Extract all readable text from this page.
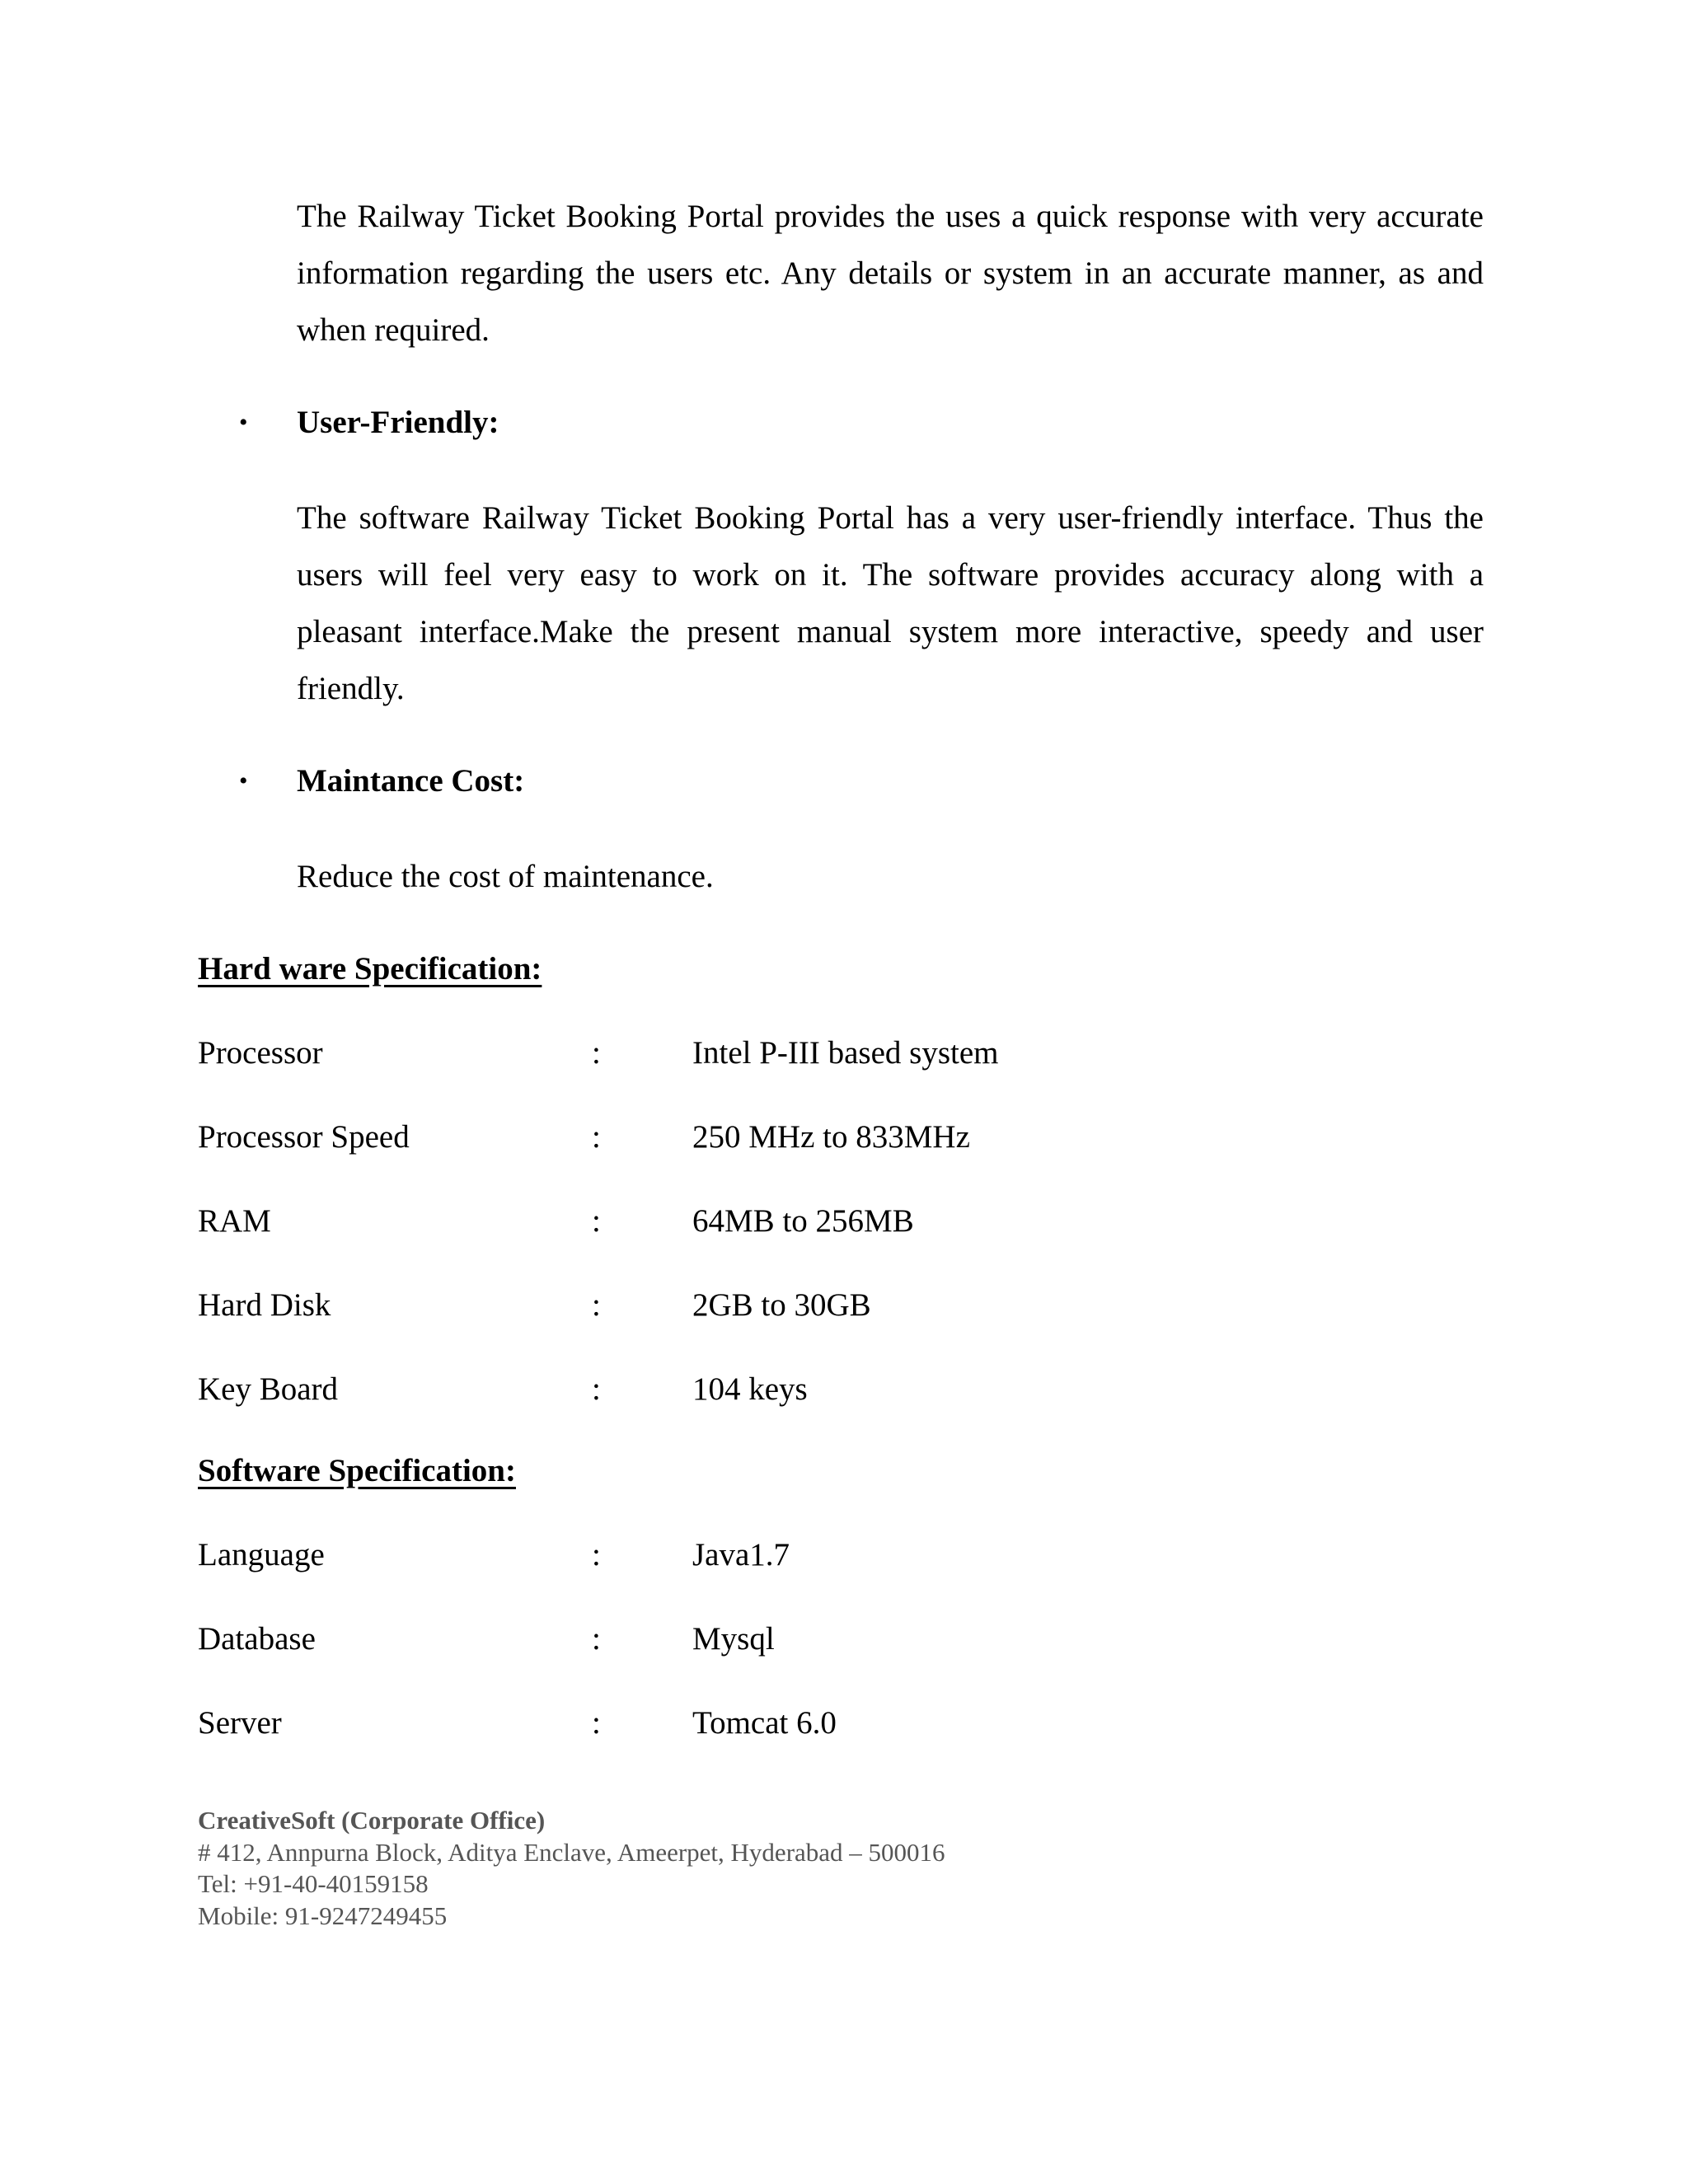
The Railway Ticket Booking Portal provides the uses a quick response with very accurate information regarding the users etc. Any details or system in an accurate manner, as and when required.

•	User-Friendly:

The software Railway Ticket Booking Portal has a very user-friendly interface. Thus the users will feel very easy to work on it. The software provides accuracy along with a pleasant interface.Make the present manual system more interactive, speedy and user friendly.

•	Maintance Cost:

Reduce the cost of maintenance.

Hard ware Specification:
Processor	:	Intel P-III based system
Processor Speed	:	250 MHz to 833MHz
RAM	:	64MB to 256MB
Hard Disk	:	2GB to 30GB
Key Board	:	104 keys
Software Specification:
Language	:	Java1.7
Database	:	Mysql
Server	:	Tomcat 6.0
CreativeSoft (Corporate Office)
# 412, Annpurna Block, Aditya Enclave, Ameerpet, Hyderabad – 500016
Tel: +91-40-40159158
Mobile: 91-9247249455
